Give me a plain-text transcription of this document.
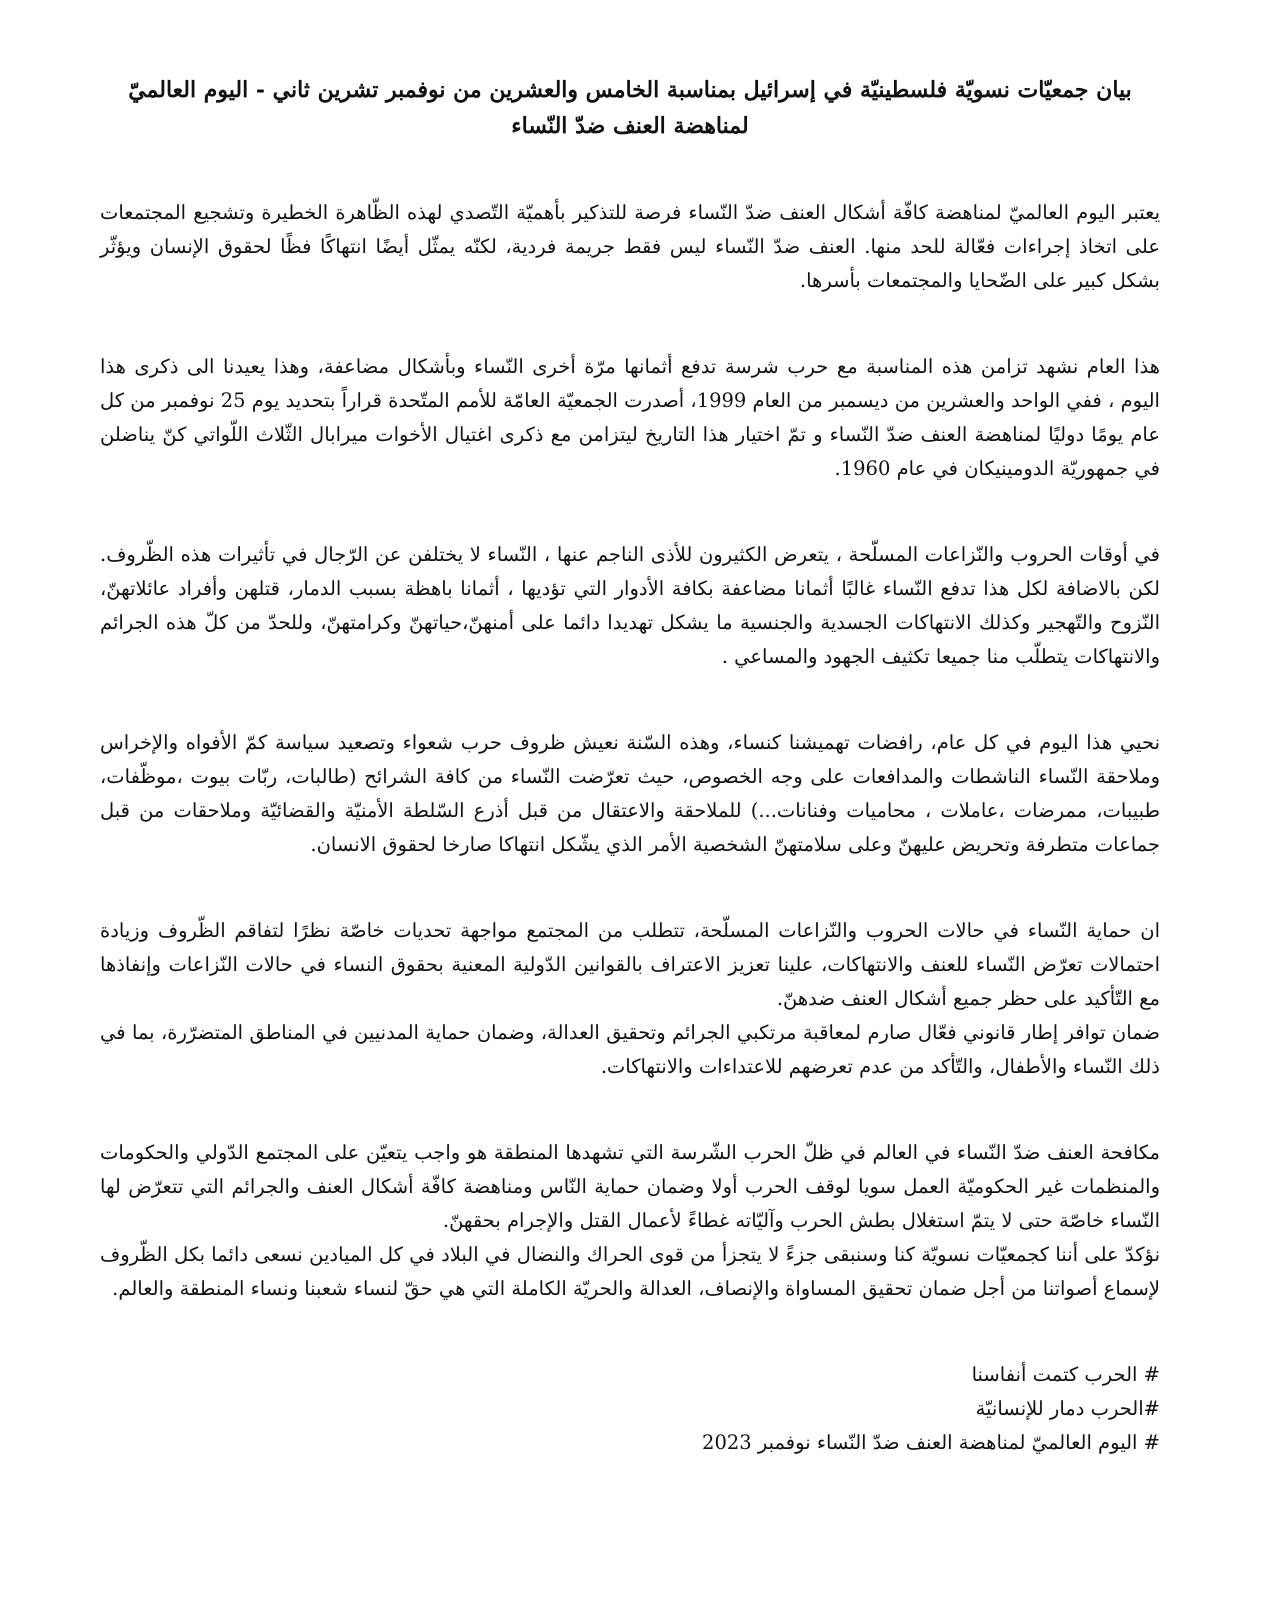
بيان جمعيّات نسويّة فلسطينيّة في إسرائيل بمناسبة الخامس والعشرين من نوفمبر تشرين ثاني - اليوم العالميّ
لمناهضة العنف ضدّ النّساء

يعتبر اليوم العالميّ لمناهضة كافّة أشكال العنف ضدّ النّساء فرصة للتذكير بأهميّة التّصدي لهذه الظّاهرة الخطيرة وتشجيع المجتمعات على اتخاذ إجراءات فعّالة للحد منها. العنف ضدّ النّساء ليس فقط جريمة فردية، لكنّه يمثّل أيضًا انتهاكًا فظًا لحقوق الإنسان ويؤثّر بشكل كبير على الضّحايا والمجتمعات بأسرها.

هذا العام نشهد تزامن هذه المناسبة مع حرب شرسة تدفع أثمانها مرّة أخرى النّساء وبأشكال مضاعفة، وهذا يعيدنا الى ذكرى هذا اليوم ، ففي الواحد والعشرين من ديسمبر من العام 1999، أصدرت الجمعيّة العامّة للأمم المتّحدة قراراً بتحديد يوم 25 نوفمبر من كل عام يومًا دوليًا لمناهضة العنف ضدّ النّساء و تمّ اختيار هذا التاريخ ليتزامن مع ذكرى اغتيال الأخوات ميرابال الثّلاث اللّواتي كنّ يناضلن في جمهوريّة الدومينيكان في عام 1960.

في أوقات الحروب والنّزاعات المسلّحة ، يتعرض الكثيرون للأذى الناجم عنها ، النّساء لا يختلفن عن الرّجال في تأثيرات هذه الظّروف. لكن بالاضافة لكل هذا تدفع النّساء غالبًا أثمانا مضاعفة بكافة الأدوار التي تؤديها ، أثمانا باهظة بسبب الدمار، قتلهن وأفراد عائلاتهنّ، النّزوح والتّهجير وكذلك الانتهاكات الجسدية والجنسية ما يشكل تهديدا دائما على أمنهنّ،حياتهنّ وكرامتهنّ، وللحدّ من كلّ هذه الجرائم والانتهاكات يتطلّب منا جميعا تكثيف الجهود والمساعي .

نحيي هذا اليوم في كل عام، رافضات تهميشنا كنساء، وهذه السّنة نعيش ظروف حرب شعواء وتصعيد سياسة كمّ الأفواه والإخراس وملاحقة النّساء الناشطات والمدافعات على وجه الخصوص، حيث تعرّضت النّساء من كافة الشرائح (طالبات، ربّات بيوت ،موظّفات، طبيبات، ممرضات ،عاملات ، محاميات وفنانات...) للملاحقة والاعتقال من قبل أذرع السّلطة الأمنيّة والقضائيّة وملاحقات من قبل جماعات متطرفة وتحريض عليهنّ وعلى سلامتهنّ الشخصية الأمر الذي يشّكل انتهاكا صارخا لحقوق الانسان.

ان حماية النّساء في حالات الحروب والنّزاعات المسلّحة، تتطلب من المجتمع مواجهة تحديات خاصّة نظرًا لتفاقم الظّروف وزيادة احتمالات تعرّض النّساء للعنف والانتهاكات، علينا تعزيز الاعتراف بالقوانين الدّولية المعنية بحقوق النساء في حالات النّزاعات وإنفاذها مع التّأكيد على حظر جميع أشكال العنف ضدهنّ.

ضمان توافر إطار قانوني فعّال صارم لمعاقبة مرتكبي الجرائم وتحقيق العدالة، وضمان حماية المدنيين في المناطق المتضرّرة، بما في ذلك النّساء والأطفال، والتّأكد من عدم تعرضهم للاعتداءات والانتهاكات.

مكافحة العنف ضدّ النّساء في العالم في ظلّ الحرب الشّرسة التي تشهدها المنطقة هو واجب يتعيّن على المجتمع الدّولي والحكومات والمنظمات غير الحكوميّة العمل سويا لوقف الحرب أولا وضمان حماية النّاس ومناهضة كافّة أشكال العنف والجرائم التي تتعرّض لها النّساء خاصّة حتى لا يتمّ استغلال بطش الحرب وآليّاته غطاءً لأعمال القتل والإجرام بحقهنّ.

نؤكدّ على أننا كجمعيّات نسويّة كنا وسنبقى جزءً لا يتجزأ من قوى الحراك والنضال في البلاد في كل الميادين نسعى دائما بكل الظّروف لإسماع أصواتنا من أجل ضمان تحقيق المساواة والإنصاف، العدالة والحريّة الكاملة التي هي حقّ لنساء شعبنا ونساء المنطقة والعالم.

# الحرب كتمت أنفاسنا
#الحرب دمار للإنسانيّة
# اليوم العالميّ لمناهضة العنف ضدّ النّساء نوفمبر 2023
